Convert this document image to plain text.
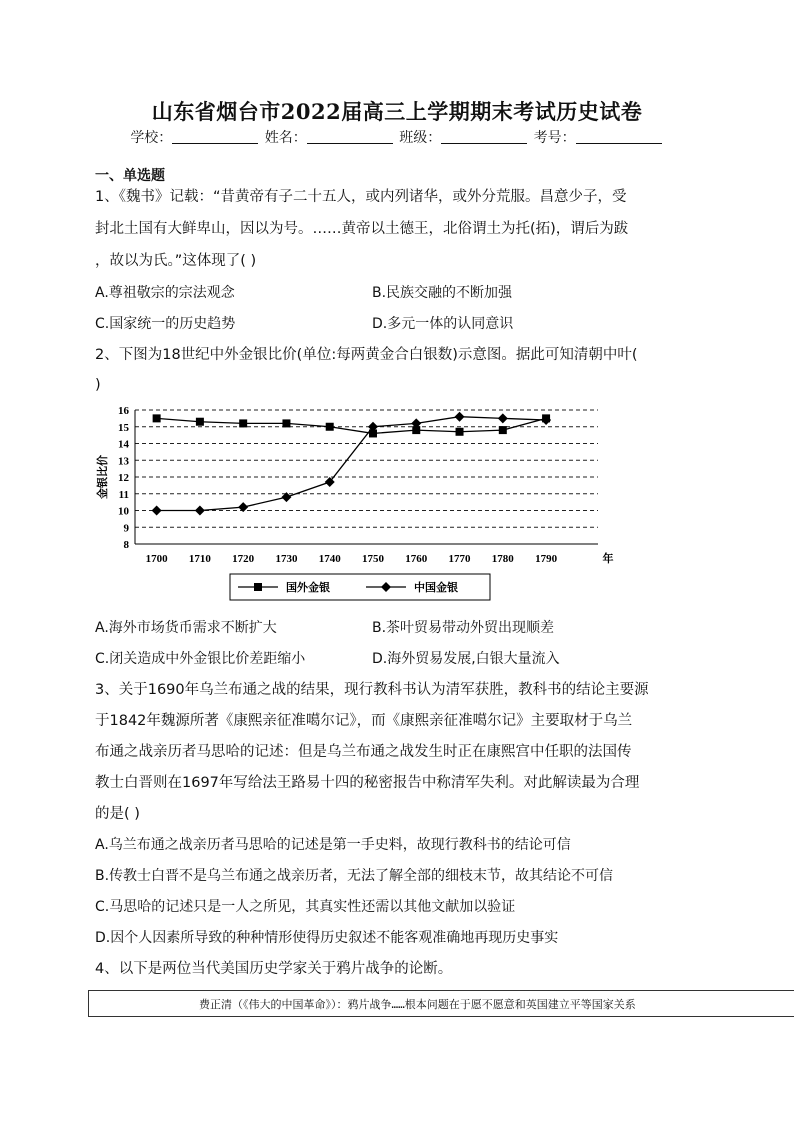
山东省烟台市2022届高三上学期期末考试历史试卷
学校：	姓名：	班级：	考号：
一、单选题
1、《魏书》记载：“昔黄帝有子二十五人，或内列诸华，或外分荒服。昌意少子，受
封北土国有大鲜卑山，因以为号。……黄帝以土德王，北俗谓土为托(拓)，谓后为跋
，故以为氏。”这体现了( )
A.尊祖敬宗的宗法观念	B.民族交融的不断加强
C.国家统一的历史趋势	D.多元一体的认同意识
2、下图为18世纪中外金银比价(单位:每两黄金合白银数)示意图。据此可知清朝中叶(
)
8
9
10
11
12
13
14
15
16
金银比价
1700 1710 1720 1730 1740 1750 1760 1770 1780 1790	年
国外金银	中国金银
A.海外市场货币需求不断扩大	B.茶叶贸易带动外贸出现顺差
C.闭关造成中外金银比价差距缩小	D.海外贸易发展,白银大量流入
3、关于1690年乌兰布通之战的结果，现行教科书认为清军获胜，教科书的结论主要源
于1842年魏源所著《康熙亲征准噶尔记》，而《康熙亲征准噶尔记》主要取材于乌兰
布通之战亲历者马思哈的记述：但是乌兰布通之战发生时正在康熙宫中任职的法国传
教士白晋则在1697年写给法王路易十四的秘密报告中称清军失利。对此解读最为合理
的是( )
A.乌兰布通之战亲历者马思哈的记述是第一手史料，故现行教科书的结论可信
B.传教士白晋不是乌兰布通之战亲历者，无法了解全部的细枝末节，故其结论不可信
C.马思哈的记述只是一人之所见，其真实性还需以其他文献加以验证
D.因个人因素所导致的种种情形使得历史叙述不能客观准确地再现历史事实
4、以下是两位当代美国历史学家关于鸦片战争的论断。
费正清（《伟大的中国革命》）：鸦片战争……根本问题在于愿不愿意和英国建立平等国家关系
